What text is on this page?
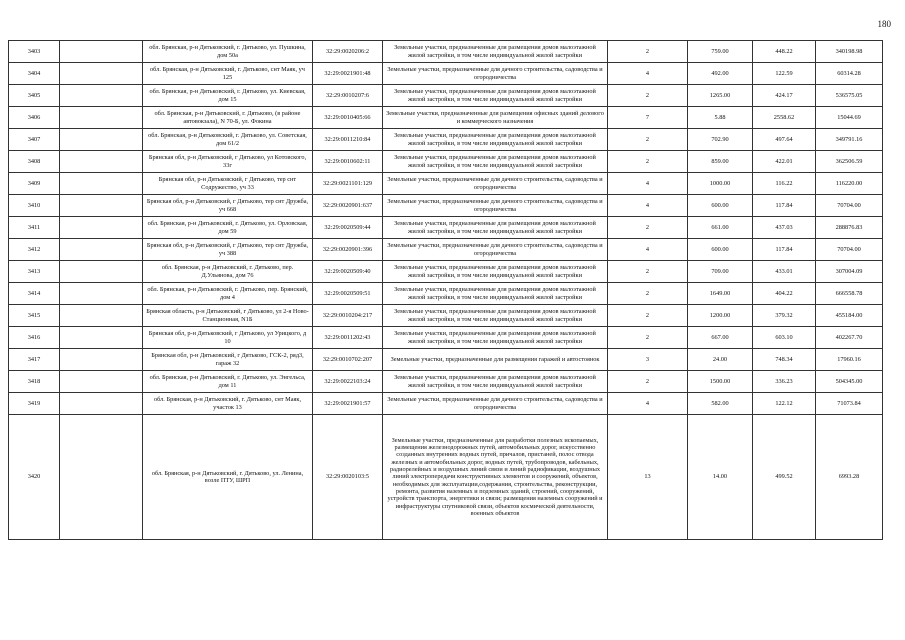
180
3403		обл. Брянская, р-н Дятьковский, г. Дятьково, ул. Пушкина, дом 50а	32:29:0020206:2	Земельные участки, предназначенные для размещения домов малоэтажной жилой застройки, в том числе индивидуальной жилой застройки	2	759.00	448.22	340198.98
3404		обл. Брянская, р-н Дятьковский, г. Дятьково, снт Маяк, уч 125	32:29:0021901:48	Земельные участки, предназначенные для дачного строительства, садоводства и огородничества	4	492.00	122.59	60314.28
3405		обл. Брянская, р-н Дятьковский, г. Дятьково, ул. Киевская, дом 15	32:29:0010207:6	Земельные участки, предназначенные для размещения домов малоэтажной жилой застройки, в том числе индивидуальной жилой застройки	2	1265.00	424.17	536575.05
3406		обл. Брянская, р-н Дятьковский, г. Дятьково, (в районе автовокзала), N 70-Б, ул. Фокина	32:29:0010405:66	Земельные участки, предназначенные для размещения офисных зданий делового и коммерческого назначения	7	5.88	2558.62	15044.69
3407		обл. Брянская, р-н Дятьковский, г. Дятьково, ул. Советская, дом 61/2	32:29:0011210:84	Земельные участки, предназначенные для размещения домов малоэтажной жилой застройки, в том числе индивидуальной жилой застройки	2	702.90	497.64	349791.16
3408		Брянская обл, р-н Дятьковский, г Дятьково, ул Котовского, 33г	32:29:0010602:11	Земельные участки, предназначенные для размещения домов малоэтажной жилой застройки, в том числе индивидуальной жилой застройки	2	859.00	422.01	362506.59
3409		Брянская обл, р-н Дятьковский, г Дятьково, тер снт Содружество, уч 33	32:29:0021101:129	Земельные участки, предназначенные для дачного строительства, садоводства и огородничества	4	1000.00	116.22	116220.00
3410		Брянская обл, р-н Дятьковский, г Дятьково, тер снт Дружба, уч 668	32:29:0020901:637	Земельные участки, предназначенные для дачного строительства, садоводства и огородничества	4	600.00	117.84	70704.00
3411		обл. Брянская, р-н Дятьковский, г. Дятьково, ул. Орловская, дом 59	32:29:0020509:44	Земельные участки, предназначенные для размещения домов малоэтажной жилой застройки, в том числе индивидуальной жилой застройки	2	661.00	437.03	288876.83
3412		Брянская обл, р-н Дятьковский, г Дятьково, тер снт Дружба, уч 388	32:29:0020901:396	Земельные участки, предназначенные для дачного строительства, садоводства и огородничества	4	600.00	117.84	70704.00
3413		обл. Брянская, р-н Дятьковский, г. Дятьково, пер. Д.Ульянова, дом 76	32:29:0020509:40	Земельные участки, предназначенные для размещения домов малоэтажной жилой застройки, в том числе индивидуальной жилой застройки	2	709.00	433.01	307004.09
3414		обл. Брянская, р-н Дятьковский, г. Дятьково, пер. Брянский, дом 4	32:29:0020509:51	Земельные участки, предназначенные для размещения домов малоэтажной жилой застройки, в том числе индивидуальной жилой застройки	2	1649.00	404.22	666558.78
3415		Брянская область, р-н Дятьковский, г Дятьково, ул 2-я Ново-Станционная, N1Б	32:29:0010204:217	Земельные участки, предназначенные для размещения домов малоэтажной жилой застройки, в том числе индивидуальной жилой застройки	2	1200.00	379.32	455184.00
3416		Брянская обл, р-н Дятьковский, г Дятьково, ул Урицкого, д 10	32:29:0011202:43	Земельные участки, предназначенные для размещения домов малоэтажной жилой застройки, в том числе индивидуальной жилой застройки	2	667.00	603.10	402267.70
3417		Брянская обл, р-н Дятьковский, г Дятьково, ГСК-2, ряд3, гараж 32	32:29:0010702:207	Земельные участки, предназначенные для размещения гаражей и автостоянок	3	24.00	748.34	17960.16
3418		обл. Брянская, р-н Дятьковский, г. Дятьково, ул. Энгельса, дом 11	32:29:0022103:24	Земельные участки, предназначенные для размещения домов малоэтажной жилой застройки, в том числе индивидуальной жилой застройки	2	1500.00	336.23	504345.00
3419		обл. Брянская, р-н Дятьковский, г. Дятьково, снт Маяк, участок 13	32:29:0021901:57	Земельные участки, предназначенные для дачного строительства, садоводства и огородничества	4	582.00	122.12	71073.84
3420		обл. Брянская, р-н Дятьковский, г. Дятьково, ул. Ленина, возле ПТУ, ШРП	32:29:0020103:5	Земельные участки, предназначенные для разработки полезных ископаемых, размещения железнодорожных путей, автомобильных дорог, искусственно созданных внутренних водных путей, причалов, пристаней, полос отвода железных и автомобильных дорог, водных путей, трубопроводов, кабельных, радиорелейных и воздушных линий связи и линий радиофикации, воздушных линий электропередачи конструктивных элементов и сооружений, объектов, необходимых для эксплуатации,содержания, строительства, реконструкции, ремонта, развития наземных и подземных зданий, строений, сооружений, устройств транспорта, энергетики и связи; размещения наземных сооружений и инфраструктуры спутниковой связи, объектов космической деятельности, военных объектов	13	14.00	499.52	6993.28
